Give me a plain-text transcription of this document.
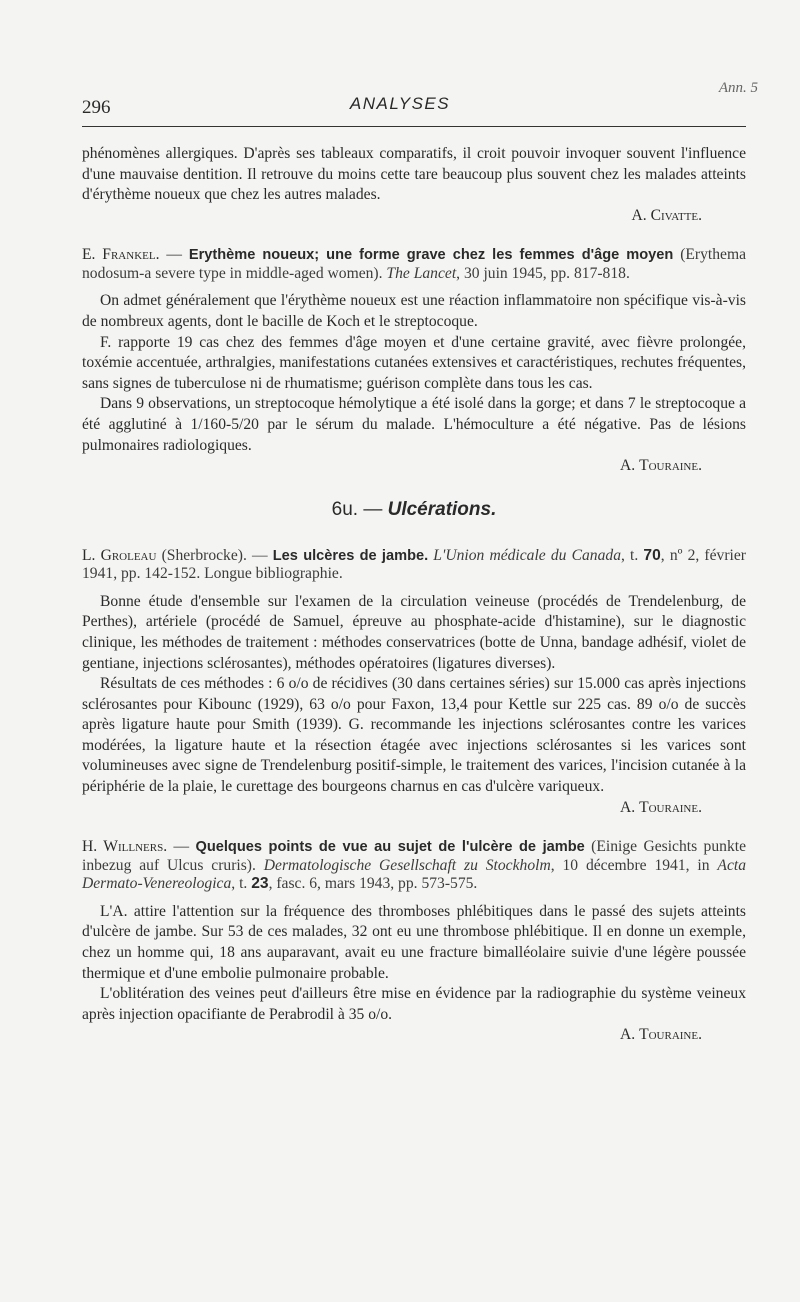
Ann. 5
296	ANALYSES

phénomènes allergiques. D'après ses tableaux comparatifs, il croit pouvoir invoquer souvent l'influence d'une mauvaise dentition. Il retrouve du moins cette tare beaucoup plus souvent chez les malades atteints d'érythème noueux que chez les autres malades.

A. Civatte.

E. Frankel. — Erythème noueux; une forme grave chez les femmes d'âge moyen (Erythema nodosum-a severe type in middle-aged women). The Lancet, 30 juin 1945, pp. 817-818.

On admet généralement que l'érythème noueux est une réaction inflammatoire non spécifique vis-à-vis de nombreux agents, dont le bacille de Koch et le streptocoque.

F. rapporte 19 cas chez des femmes d'âge moyen et d'une certaine gravité, avec fièvre prolongée, toxémie accentuée, arthralgies, manifestations cutanées extensives et caractéristiques, rechutes fréquentes, sans signes de tuberculose ni de rhumatisme; guérison complète dans tous les cas.

Dans 9 observations, un streptocoque hémolytique a été isolé dans la gorge; et dans 7 le streptocoque a été agglutiné à 1/160-5/20 par le sérum du malade. L'hémoculture a été négative. Pas de lésions pulmonaires radiologiques.

A. Touraine.
6u. — Ulcérations.

L. Groleau (Sherbrocke). — Les ulcères de jambe. L'Union médicale du Canada, t. 70, nº 2, février 1941, pp. 142-152. Longue bibliographie.

Bonne étude d'ensemble sur l'examen de la circulation veineuse (procédés de Trendelenburg, de Perthes), artériele (procédé de Samuel, épreuve au phosphate-acide d'histamine), sur le diagnostic clinique, les méthodes de traitement : méthodes conservatrices (botte de Unna, bandage adhésif, violet de gentiane, injections sclérosantes), méthodes opératoires (ligatures diverses).

Résultats de ces méthodes : 6 o/o de récidives (30 dans certaines séries) sur 15.000 cas après injections sclérosantes pour Kibounc (1929), 63 o/o pour Faxon, 13,4 pour Kettle sur 225 cas. 89 o/o de succès après ligature haute pour Smith (1939). G. recommande les injections sclérosantes contre les varices modérées, la ligature haute et la résection étagée avec injections sclérosantes si les varices sont volumineuses avec signe de Trendelenburg positif-simple, le traitement des varices, l'incision cutanée à la périphérie de la plaie, le curettage des bourgeons charnus en cas d'ulcère variqueux.

A. Touraine.

H. Willners. — Quelques points de vue au sujet de l'ulcère de jambe (Einige Gesichts punkte inbezug auf Ulcus cruris). Dermatologische Gesellschaft zu Stockholm, 10 décembre 1941, in Acta Dermato-Venereologica, t. 23, fasc. 6, mars 1943, pp. 573-575.

L'A. attire l'attention sur la fréquence des thromboses phlébitiques dans le passé des sujets atteints d'ulcère de jambe. Sur 53 de ces malades, 32 ont eu une thrombose phlébitique. Il en donne un exemple, chez un homme qui, 18 ans auparavant, avait eu une fracture bimalléolaire suivie d'une légère poussée thermique et d'une embolie pulmonaire probable.

L'oblitération des veines peut d'ailleurs être mise en évidence par la radiographie du système veineux après injection opacifiante de Perabrodil à 35 o/o.

A. Touraine.
